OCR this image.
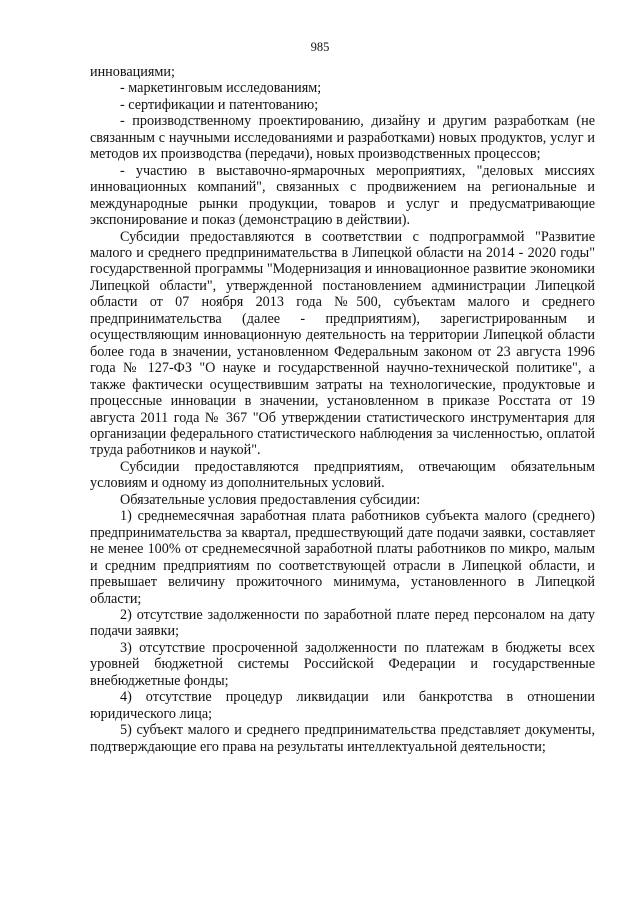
985

инновациями;

- маркетинговым исследованиям;

- сертификации и патентованию;

- производственному проектированию, дизайну и другим разработкам (не связанным с научными исследованиями и разработками) новых продуктов, услуг и методов их производства (передачи), новых производственных процессов;

- участию в выставочно-ярмарочных мероприятиях, "деловых миссиях инновационных компаний", связанных с продвижением на региональные и международные рынки продукции, товаров и услуг и предусматривающие экспонирование и показ (демонстрацию в действии).

Субсидии предоставляются в соответствии с подпрограммой "Развитие малого и среднего предпринимательства в Липецкой области на 2014 - 2020 годы" государственной программы "Модернизация и инновационное развитие экономики Липецкой области", утвержденной постановлением администрации Липецкой области от 07 ноября 2013 года №500, субъектам малого и среднего предпринимательства (далее - предприятиям), зарегистрированным и осуществляющим инновационную деятельность на территории Липецкой области более года в значении, установленном Федеральным законом от 23 августа 1996 года № 127-ФЗ "О науке и государственной научно-технической политике", а также фактически осуществившим затраты на технологические, продуктовые и процессные инновации в значении, установленном в приказе Росстата от 19 августа 2011 года № 367 "Об утверждении статистического инструментария для организации федерального статистического наблюдения за численностью, оплатой труда работников и наукой".

Субсидии предоставляются предприятиям, отвечающим обязательным условиям и одному из дополнительных условий.

Обязательные условия предоставления субсидии:

1) среднемесячная заработная плата работников субъекта малого (среднего) предпринимательства за квартал, предшествующий дате подачи заявки, составляет не менее 100% от среднемесячной заработной платы работников по микро, малым и средним предприятиям по соответствующей отрасли в Липецкой области, и превышает величину прожиточного минимума, установленного в Липецкой области;

2) отсутствие задолженности по заработной плате перед персоналом на дату подачи заявки;

3) отсутствие просроченной задолженности по платежам в бюджеты всех уровней бюджетной системы Российской Федерации и государственные внебюджетные фонды;

4) отсутствие процедур ликвидации или банкротства в отношении юридического лица;

5) субъект малого и среднего предпринимательства представляет документы, подтверждающие его права на результаты интеллектуальной деятельности;
